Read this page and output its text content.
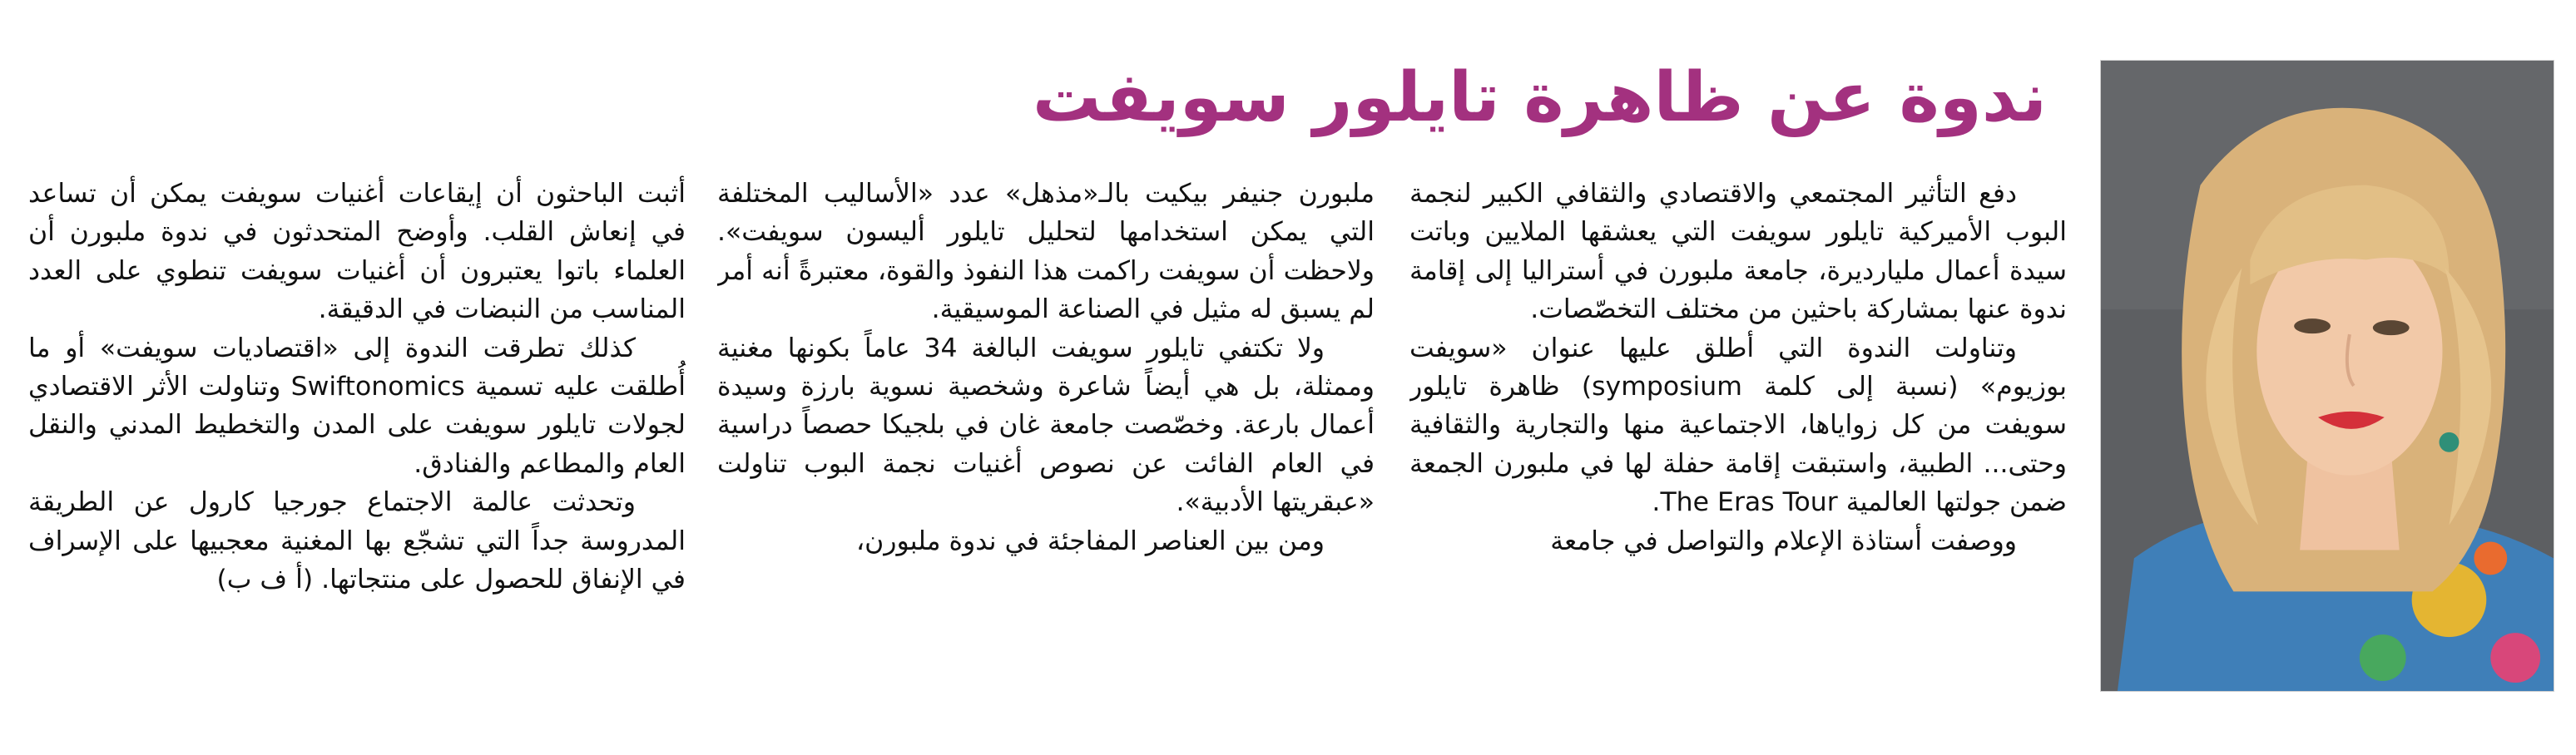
ندوة عن ظاهرة تايلور سويفت

دفع التأثير المجتمعي والاقتصادي والثقافي الكبير لنجمة البوب الأميركية تايلور سويفت التي يعشقها الملايين وباتت سيدة أعمال مليارديرة، جامعة ملبورن في أستراليا إلى إقامة ندوة عنها بمشاركة باحثين من مختلف التخصّصات.

وتناولت الندوة التي أطلق عليها عنوان «سويفت بوزيوم» (نسبة إلى كلمة symposium) ظاهرة تايلور سويفت من كل زواياها، الاجتماعية منها والتجارية والثقافية وحتى... الطبية، واستبقت إقامة حفلة لها في ملبورن الجمعة ضمن جولتها العالمية The Eras Tour.

ووصفت أستاذة الإعلام والتواصل في جامعة

ملبورن جنيفر بيكيت بالـ«مذهل» عدد «الأساليب المختلفة التي يمكن استخدامها لتحليل تايلور أليسون سويفت». ولاحظت أن سويفت راكمت هذا النفوذ والقوة، معتبرةً أنه أمر لم يسبق له مثيل في الصناعة الموسيقية.

ولا تكتفي تايلور سويفت البالغة 34 عاماً بكونها مغنية وممثلة، بل هي أيضاً شاعرة وشخصية نسوية بارزة وسيدة أعمال بارعة. وخصّصت جامعة غان في بلجيكا حصصاً دراسية في العام الفائت عن نصوص أغنيات نجمة البوب تناولت «عبقريتها الأدبية».

ومن بين العناصر المفاجئة في ندوة ملبورن،

أثبت الباحثون أن إيقاعات أغنيات سويفت يمكن أن تساعد في إنعاش القلب. وأوضح المتحدثون في ندوة ملبورن أن العلماء باتوا يعتبرون أن أغنيات سويفت تنطوي على العدد المناسب من النبضات في الدقيقة.

كذلك تطرقت الندوة إلى «اقتصاديات سويفت» أو ما أُطلقت عليه تسمية Swiftonomics وتناولت الأثر الاقتصادي لجولات تايلور سويفت على المدن والتخطيط المدني والنقل العام والمطاعم والفنادق.

وتحدثت عالمة الاجتماع جورجيا كارول عن الطريقة المدروسة جداً التي تشجّع بها المغنية معجبيها على الإسراف في الإنفاق للحصول على منتجاتها. (أ ف ب)
